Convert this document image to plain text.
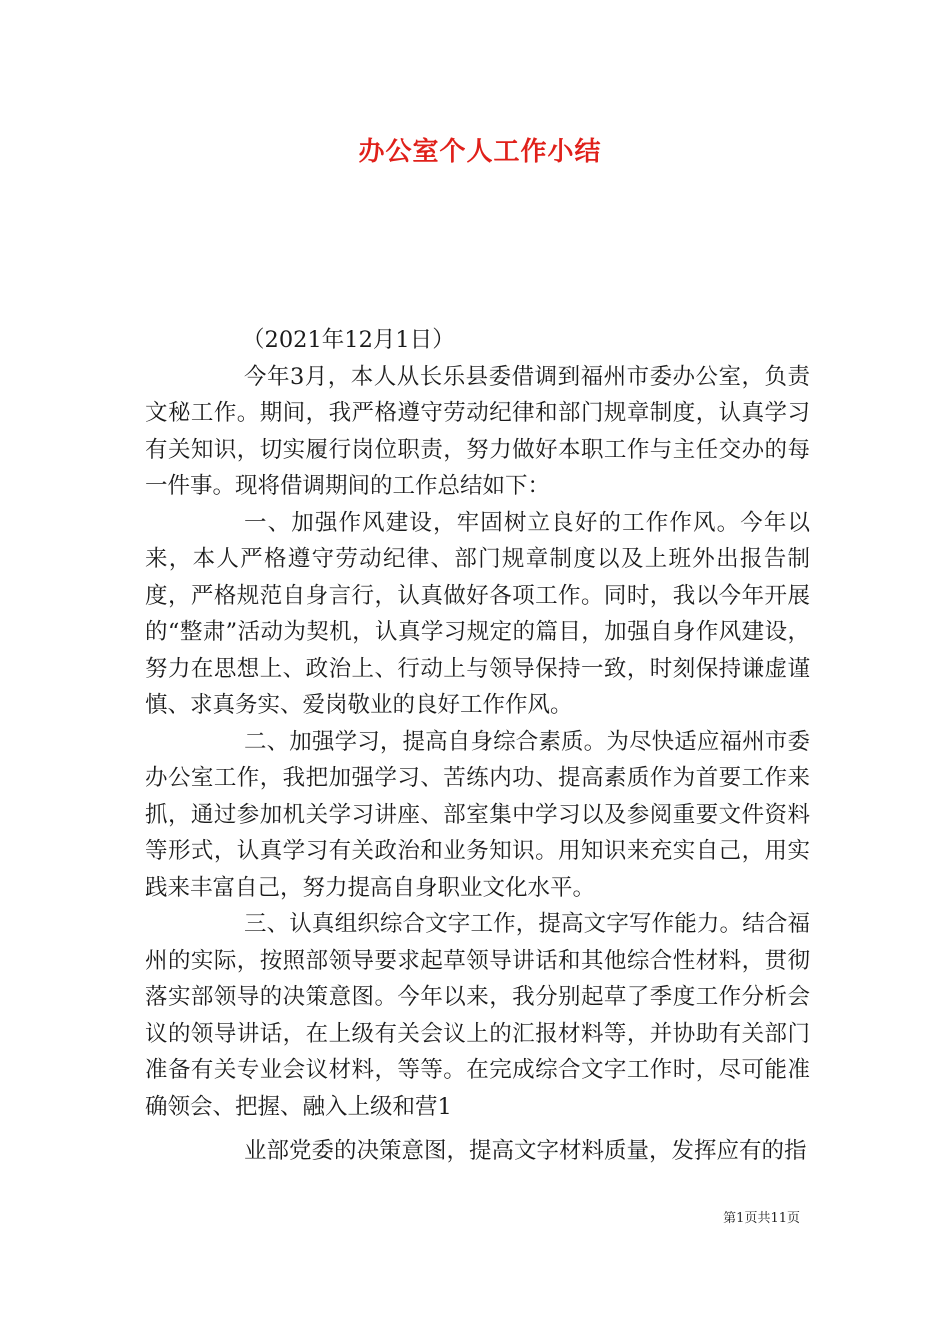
办公室个人工作小结

（2021年12月1日）

今年3月，本人从长乐县委借调到福州市委办公室，负责文秘工作。期间，我严格遵守劳动纪律和部门规章制度，认真学习有关知识，切实履行岗位职责，努力做好本职工作与主任交办的每一件事。现将借调期间的工作总结如下：

一、加强作风建设，牢固树立良好的工作作风。今年以来，本人严格遵守劳动纪律、部门规章制度以及上班外出报告制度，严格规范自身言行，认真做好各项工作。同时，我以今年开展的“整肃”活动为契机，认真学习规定的篇目，加强自身作风建设，努力在思想上、政治上、行动上与领导保持一致，时刻保持谦虚谨慎、求真务实、爱岗敬业的良好工作作风。

二、加强学习，提高自身综合素质。为尽快适应福州市委办公室工作，我把加强学习、苦练内功、提高素质作为首要工作来抓，通过参加机关学习讲座、部室集中学习以及参阅重要文件资料等形式，认真学习有关政治和业务知识。用知识来充实自己，用实践来丰富自己，努力提高自身职业文化水平。

三、认真组织综合文字工作，提高文字写作能力。结合福州的实际，按照部领导要求起草领导讲话和其他综合性材料，贯彻落实部领导的决策意图。今年以来，我分别起草了季度工作分析会议的领导讲话，在上级有关会议上的汇报材料等，并协助有关部门准备有关专业会议材料，等等。在完成综合文字工作时，尽可能准确领会、把握、融入上级和营1

业部党委的决策意图，提高文字材料质量，发挥应有的指

第1页共11页
